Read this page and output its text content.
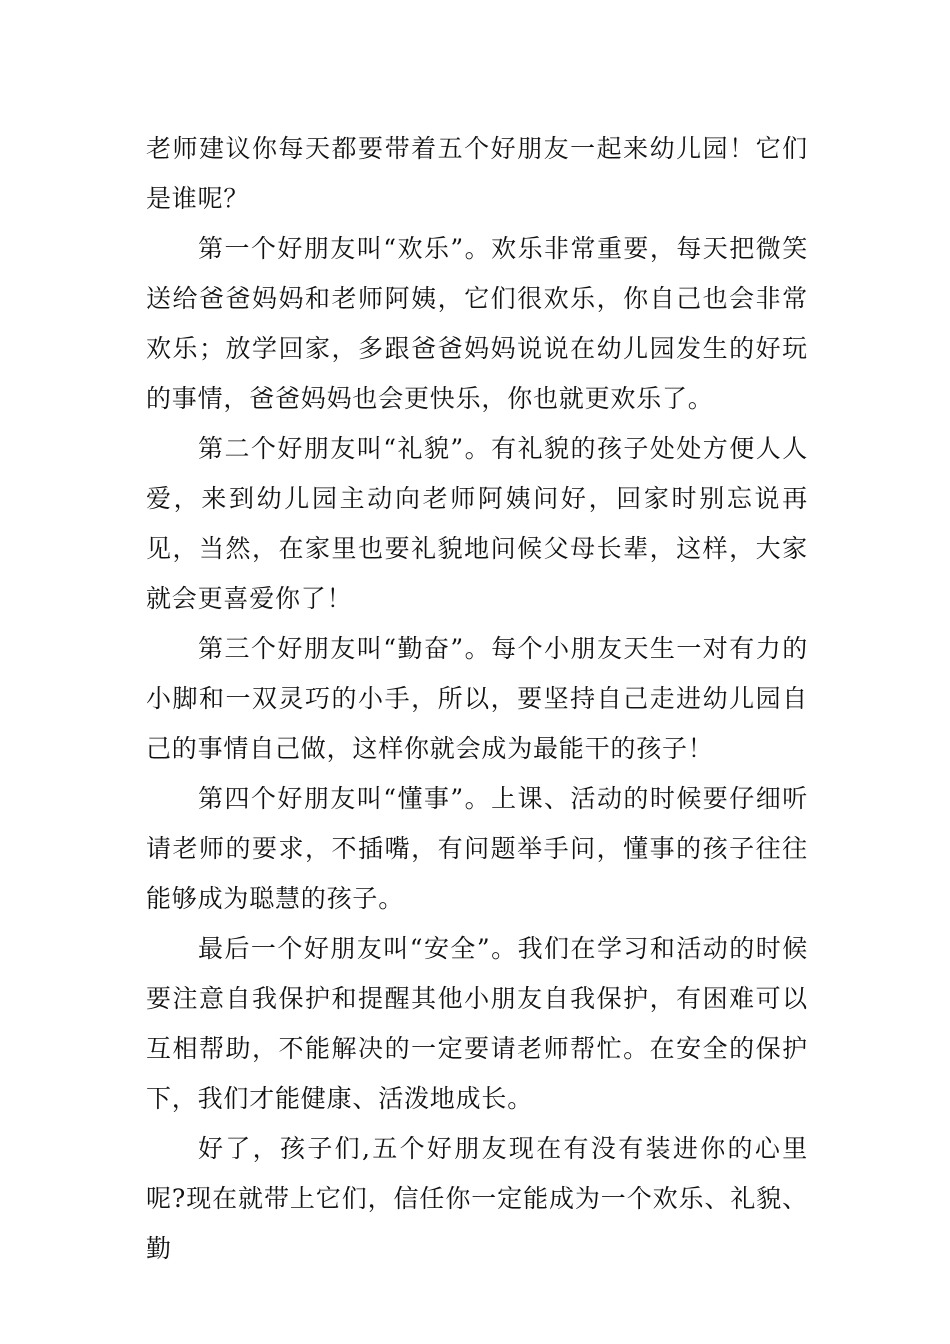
老师建议你每天都要带着五个好朋友一起来幼儿园！它们是谁呢？

第一个好朋友叫“欢乐”。欢乐非常重要，每天把微笑送给爸爸妈妈和老师阿姨，它们很欢乐，你自己也会非常欢乐；放学回家，多跟爸爸妈妈说说在幼儿园发生的好玩的事情，爸爸妈妈也会更快乐，你也就更欢乐了。

第二个好朋友叫“礼貌”。有礼貌的孩子处处方便人人爱，来到幼儿园主动向老师阿姨问好，回家时别忘说再见，当然，在家里也要礼貌地问候父母长辈，这样，大家就会更喜爱你了！

第三个好朋友叫“勤奋”。每个小朋友天生一对有力的小脚和一双灵巧的小手，所以，要坚持自己走进幼儿园自己的事情自己做，这样你就会成为最能干的孩子！

第四个好朋友叫“懂事”。上课、活动的时候要仔细听请老师的要求，不插嘴，有问题举手问，懂事的孩子往往能够成为聪慧的孩子。

最后一个好朋友叫“安全”。我们在学习和活动的时候要注意自我保护和提醒其他小朋友自我保护，有困难可以互相帮助，不能解决的一定要请老师帮忙。在安全的保护下，我们才能健康、活泼地成长。

好了，孩子们,五个好朋友现在有没有装进你的心里呢?现在就带上它们，信任你一定能成为一个欢乐、礼貌、勤
